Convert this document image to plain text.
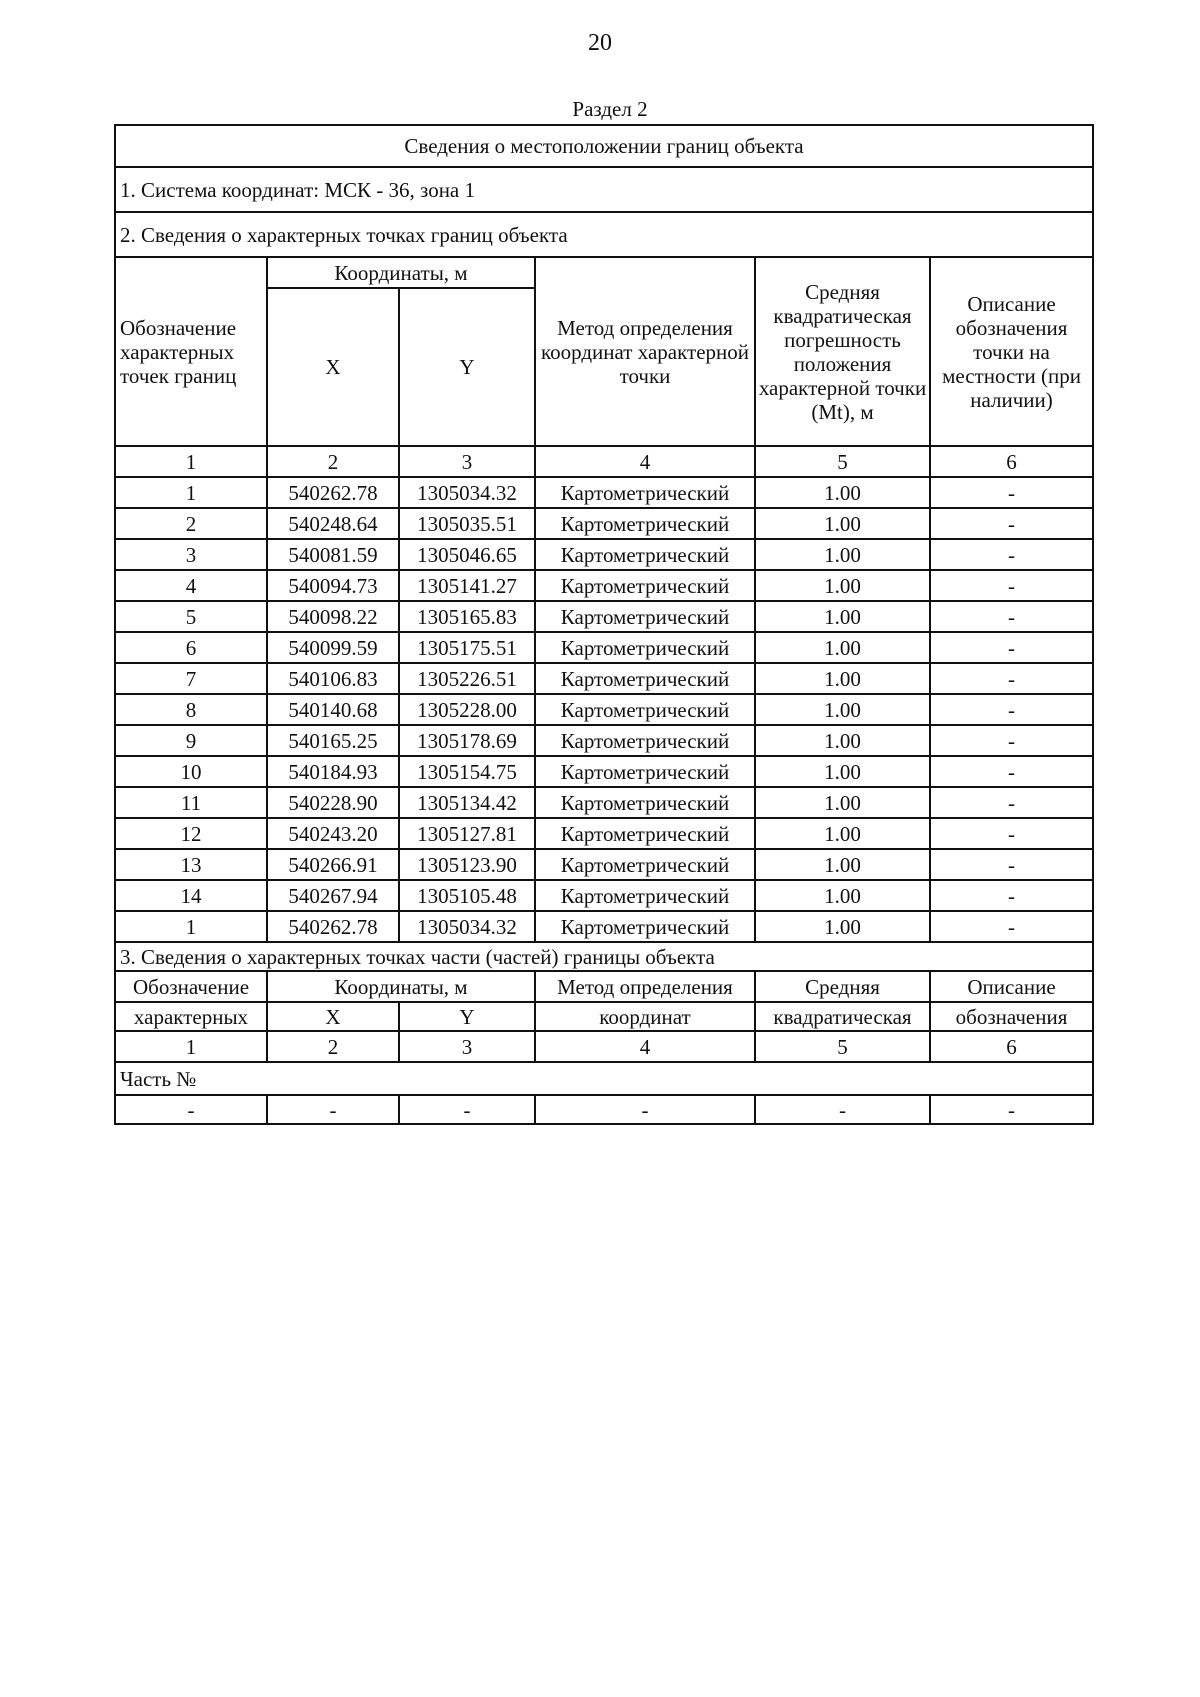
20
Раздел 2
Сведения о местоположении границ объекта					
1. Система координат: МСК - 36, зона 1					
2. Сведения о характерных точках границ объекта					
Обозначение характерных точек границ	Координаты, м		Метод определения координат характерной точки	Средняя квадратическая погрешность положения характерной точки (Mt), м	Описание обозначения точки на местности (при наличии)
	X	Y			
1	2	3	4	5	6
1	540262.78	1305034.32	Картометрический	1.00	-
2	540248.64	1305035.51	Картометрический	1.00	-
3	540081.59	1305046.65	Картометрический	1.00	-
4	540094.73	1305141.27	Картометрический	1.00	-
5	540098.22	1305165.83	Картометрический	1.00	-
6	540099.59	1305175.51	Картометрический	1.00	-
7	540106.83	1305226.51	Картометрический	1.00	-
8	540140.68	1305228.00	Картометрический	1.00	-
9	540165.25	1305178.69	Картометрический	1.00	-
10	540184.93	1305154.75	Картометрический	1.00	-
11	540228.90	1305134.42	Картометрический	1.00	-
12	540243.20	1305127.81	Картометрический	1.00	-
13	540266.91	1305123.90	Картометрический	1.00	-
14	540267.94	1305105.48	Картометрический	1.00	-
1	540262.78	1305034.32	Картометрический	1.00	-
3. Сведения о характерных точках части (частей) границы объекта					
Обозначение	Координаты, м		Метод определения	Средняя	Описание
характерных	X	Y	координат	квадратическая	обозначения
1	2	3	4	5	6
Часть №					
-	-	-	-	-	-
